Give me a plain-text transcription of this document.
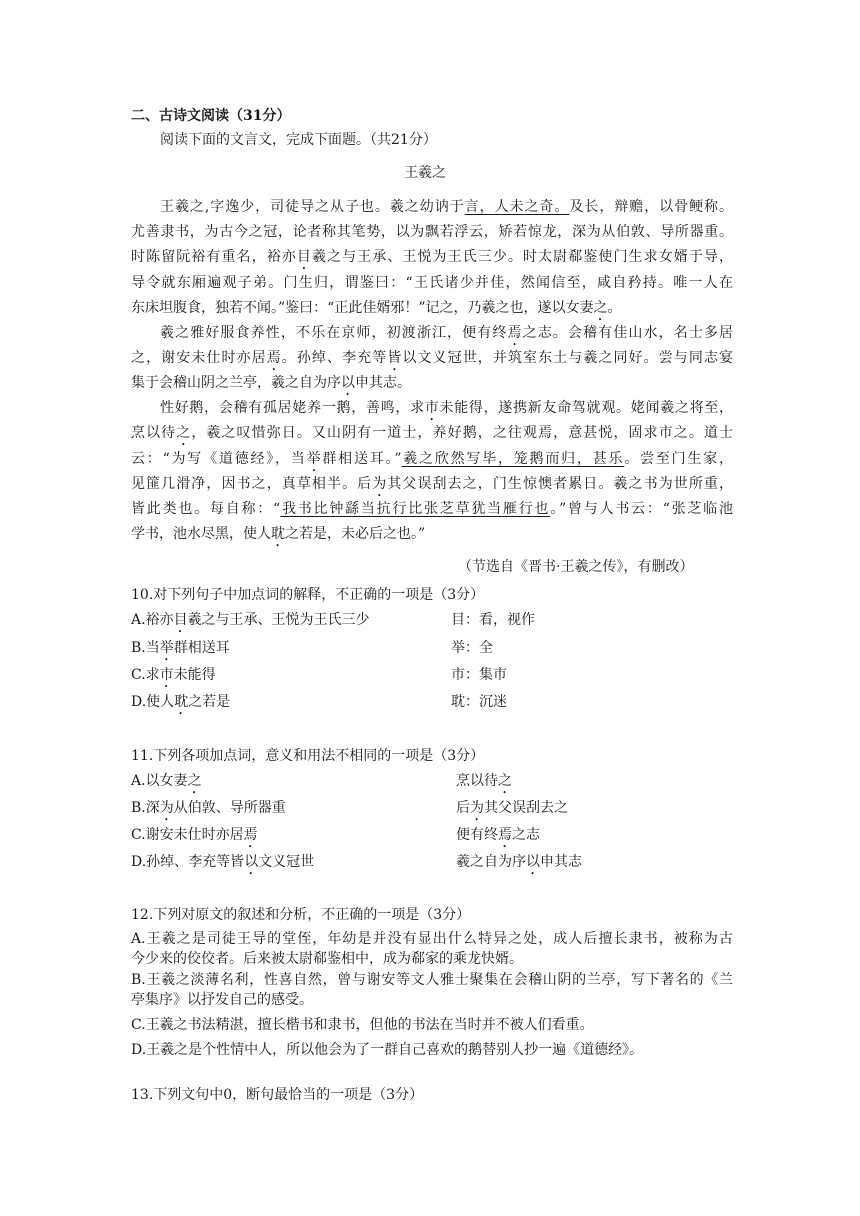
二、古诗文阅读（31分）
阅读下面的文言文，完成下面题。（共21分）
王羲之
王羲之,字逸少，司徒导之从子也。羲之幼讷于言，人未之奇。及长，辩赡，以骨鲠称。
尤善隶书，为古今之冠，论者称其笔势，以为飘若浮云，矫若惊龙，深为从伯敦、导所器重。
时陈留阮裕有重名，裕亦目羲之与王承、王悦为王氏三少。时太尉郗鉴使门生求女婿于导，
导令就东厢遍观子弟。门生归，谓鉴曰：“王氏诸少并佳，然闻信至，咸自矜持。唯一人在
东床坦腹食，独若不闻。”鉴曰：“正此佳婿邪！”记之，乃羲之也，遂以女妻之。
羲之雅好服食养性，不乐在京师，初渡浙江，便有终焉之志。会稽有佳山水，名士多居
之，谢安未仕时亦居焉。孙绰、李充等皆以文义冠世，并筑室东土与羲之同好。尝与同志宴
集于会稽山阴之兰亭，羲之自为序以申其志。
性好鹅，会稽有孤居姥养一鹅，善鸣，求市未能得，遂携新友命驾就观。姥闻羲之将至，
烹以待之，羲之叹惜弥日。又山阴有一道士，养好鹅，之往观焉，意甚悦，固求市之。道士
云：“为写《道德经》，当举群相送耳。”羲之欣然写毕，笼鹅而归，甚乐。尝至门生家，
见篚几滑净，因书之，真草相半。后为其父误刮去之，门生惊懊者累日。羲之书为世所重，
皆此类也。每自称：“我书比钟繇当抗行比张芝草犹当雁行也。”曾与人书云：“张芝临池
学书，池水尽黑，使人耽之若是，未必后之也。”
（节选自《晋书·王羲之传》，有删改）
10.对下列句子中加点词的解释，不正确的一项是（3分）
A.裕亦目羲之与王承、王悦为王氏三少	目：看，视作
B.当举群相送耳	举：全
C.求市未能得	市：集市
D.使人耽之若是	耽：沉迷
11.下列各项加点词，意义和用法不相同的一项是（3分）
A.以女妻之	烹以待之
B.深为从伯敦、导所器重	后为其父误刮去之
C.谢安未仕时亦居焉	便有终焉之志
D.孙绰、李充等皆以文义冠世	羲之自为序以申其志
12.下列对原文的叙述和分析，不正确的一项是（3分）
A.王羲之是司徒王导的堂侄，年幼是并没有显出什么特异之处，成人后擅长隶书，被称为古
今少来的佼佼者。后来被太尉郗鉴相中，成为郗家的乘龙快婿。
B.王羲之淡薄名利，性喜自然，曾与谢安等文人雅士聚集在会稽山阴的兰亭，写下著名的《兰
亭集序》以抒发自己的感受。
C.王羲之书法精湛，擅长楷书和隶书，但他的书法在当时并不被人们看重。
D.王羲之是个性情中人，所以他会为了一群自己喜欢的鹅替别人抄一遍《道德经》。
13.下列文句中0，断句最恰当的一项是（3分）
